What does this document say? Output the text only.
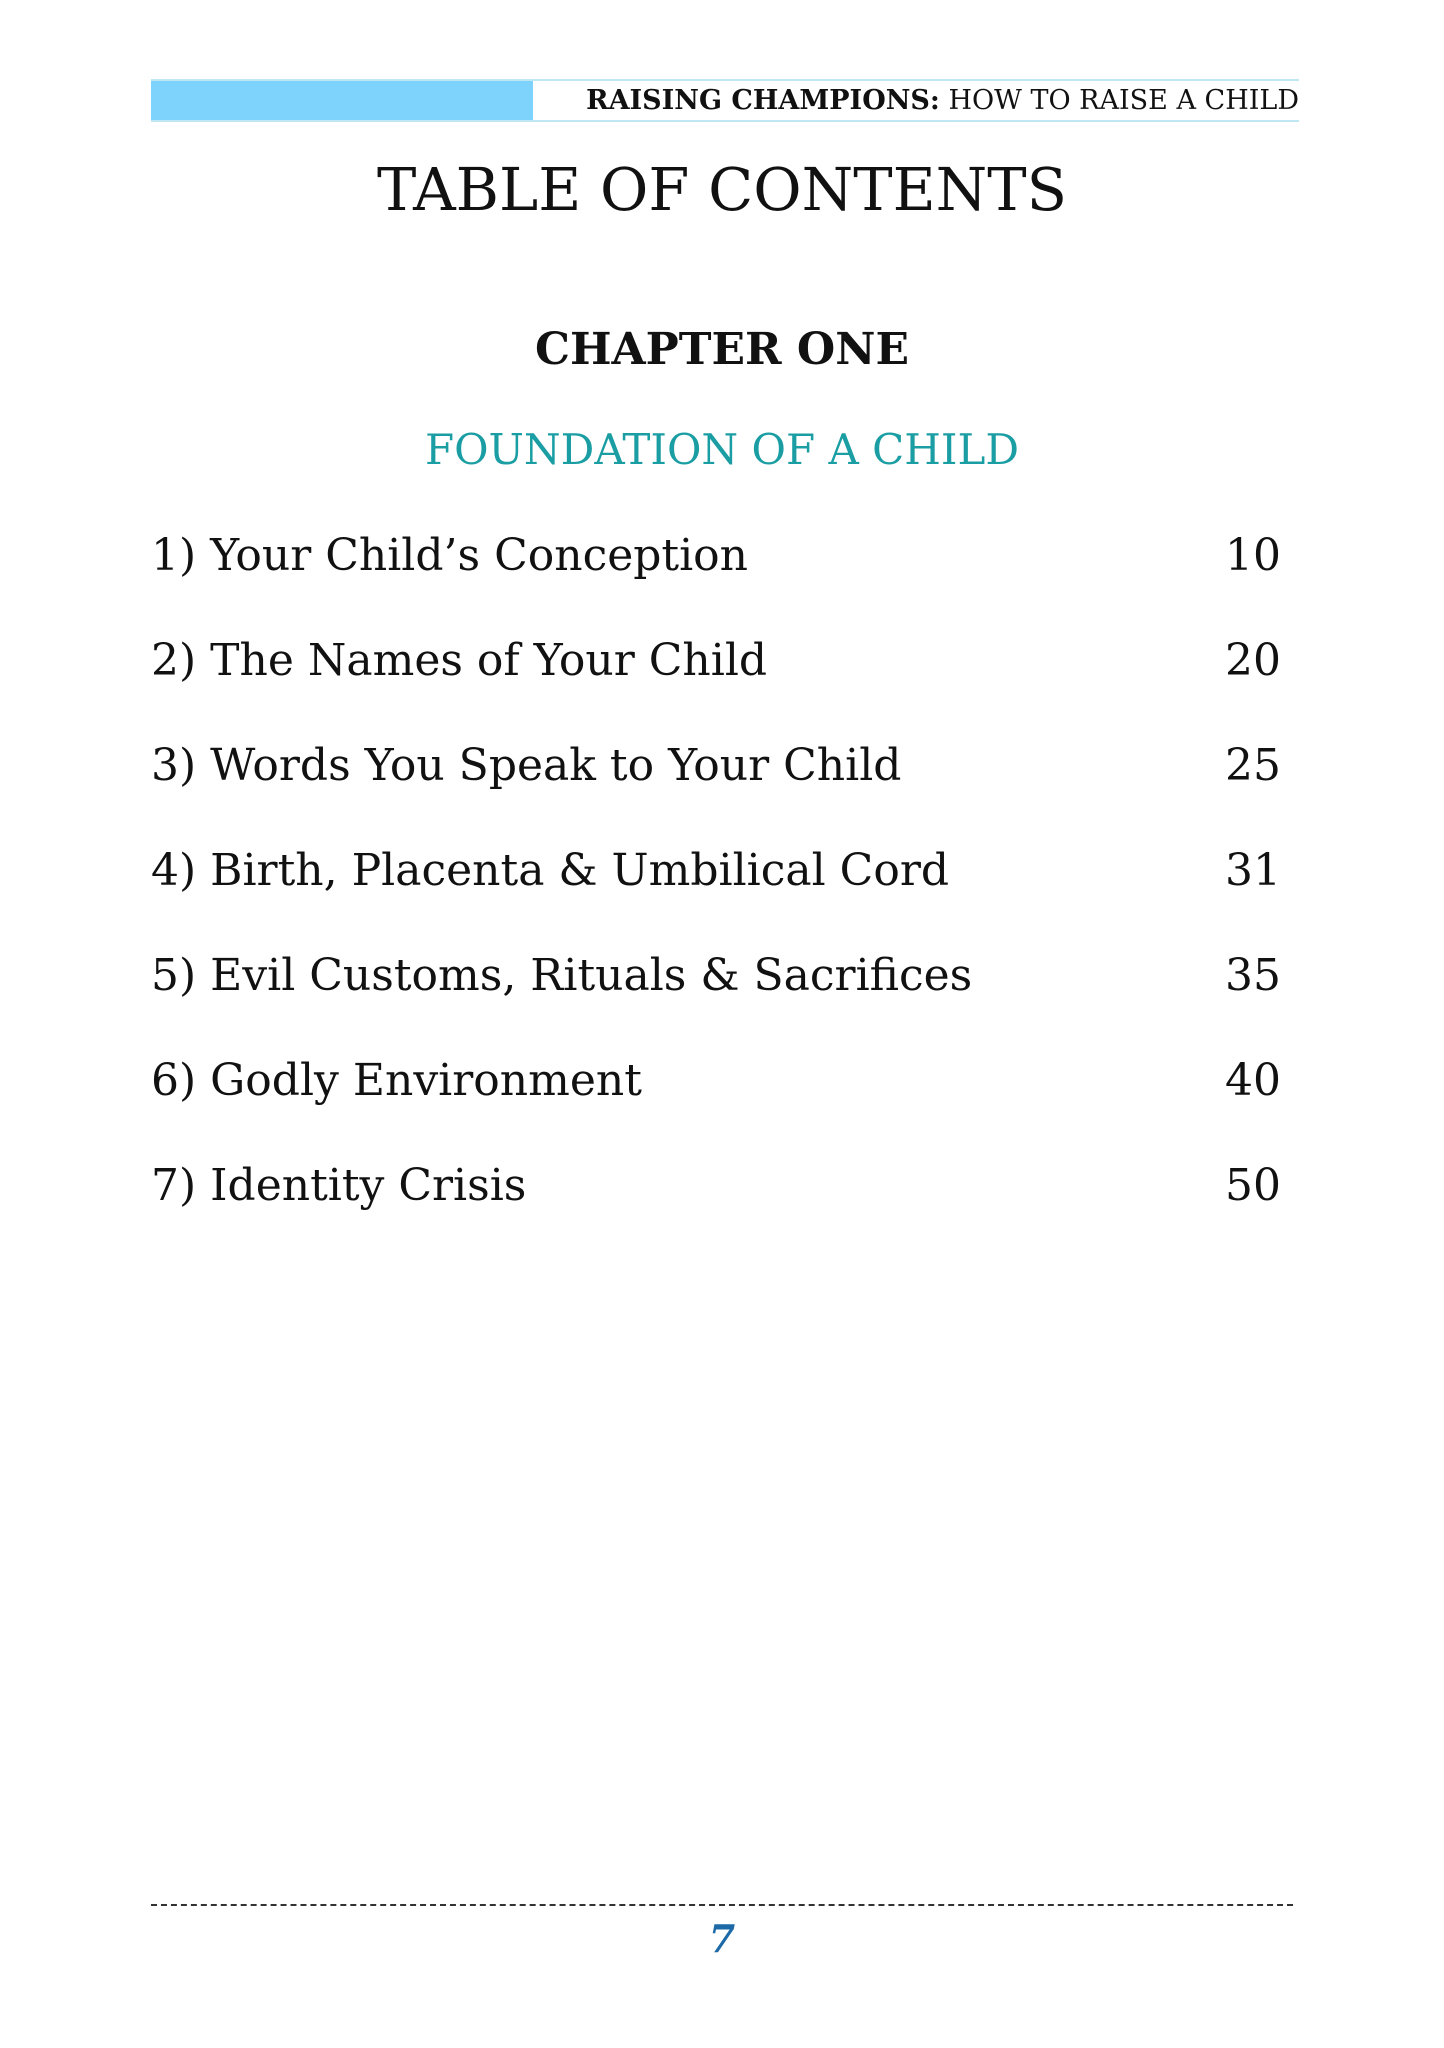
RAISING CHAMPIONS: HOW TO RAISE A CHILD
TABLE OF CONTENTS
CHAPTER ONE
FOUNDATION OF A CHILD
1) Your Child’s Conception	10
2) The Names of Your Child	20
3) Words You Speak to Your Child	25
4) Birth, Placenta & Umbilical Cord	31
5) Evil Customs, Rituals & Sacrifices	35
6) Godly Environment	40
7) Identity Crisis	50
7
